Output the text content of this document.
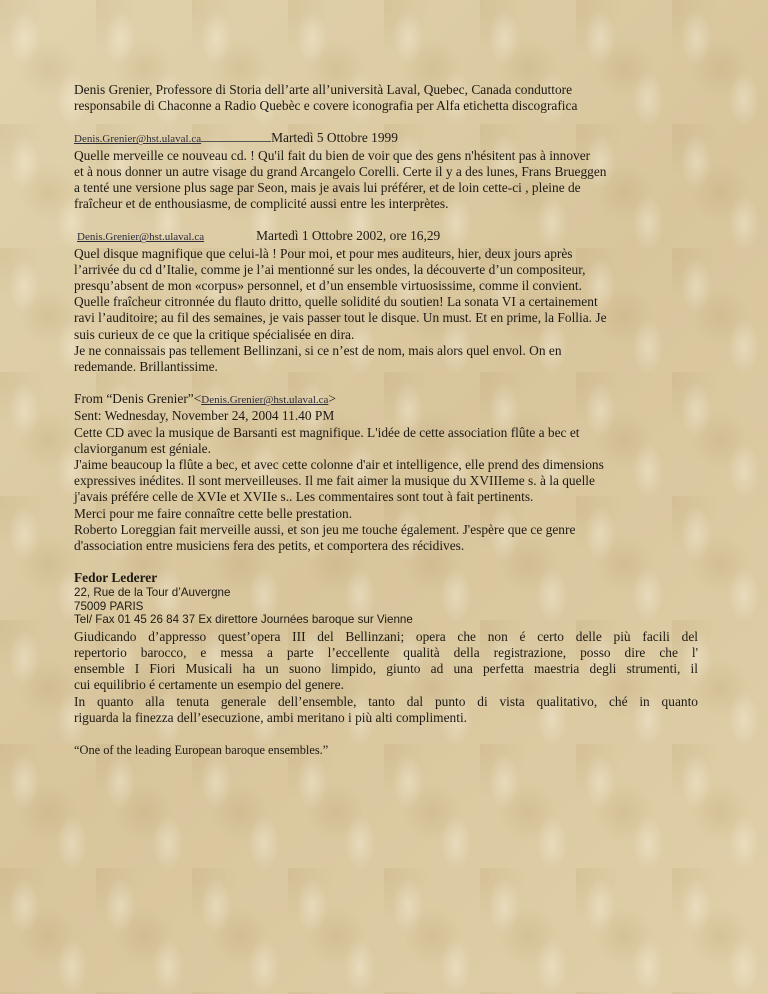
Denis Grenier, Professore di Storia dell’arte all’università Laval, Quebec, Canada conduttore

responsabile di Chaconne a Radio Quebèc e covere iconografia per Alfa etichetta discografica

Denis.Grenier@hst.ulaval.ca	Martedì 5 Ottobre 1999

Quelle merveille ce nouveau cd. ! Qu'il fait du bien de voir que des gens n'hésitent pas à innover

et à nous donner un autre visage du grand Arcangelo Corelli. Certe il y a des lunes, Frans Brueggen

a tenté une versione plus sage par Seon, mais je avais lui préférer, et de loin cette-ci , pleine de

fraîcheur et de enthousiasme, de complicité aussi entre les interprètes.

Denis.Grenier@hst.ulaval.ca	Martedì 1 Ottobre 2002, ore 16,29

Quel disque magnifique que celui-là ! Pour moi, et pour mes auditeurs, hier, deux jours après

l’arrivée du cd d’Italie, comme je l’ai mentionné sur les ondes, la découverte d’un compositeur,

presqu’absent de mon «corpus» personnel, et d’un ensemble virtuosissime, comme il convient.

Quelle fraîcheur citronnée du flauto dritto, quelle solidité du soutien! La sonata VI a certainement

ravi l’auditoire; au fil des semaines, je vais passer tout le disque. Un must. Et en prime, la Follia. Je

suis curieux de ce que la critique spécialisée en dira.

Je ne connaissais pas tellement Bellinzani, si ce n’est de nom, mais alors quel envol. On en

redemande. Brillantissime.

From “Denis Grenier”<Denis.Grenier@hst.ulaval.ca>

Sent: Wednesday, November 24, 2004 11.40 PM

Cette CD avec la musique de Barsanti est magnifique. L'idée de cette association flûte a bec et

claviorganum est géniale.

J'aime beaucoup la flûte a bec, et avec cette colonne d'air et intelligence, elle prend des dimensions

expressives inédites. Il sont merveilleuses. Il me fait aimer la musique du XVIIIeme s. à la quelle

j'avais préfére celle de XVIe et XVIIe s.. Les commentaires sont tout à fait pertinents.

Merci pour me faire connaître cette belle prestation.

Roberto Loreggian fait merveille aussi, et son jeu me touche également. J'espère que ce genre

d'association entre musiciens fera des petits, et comportera des récidives.

Fedor Lederer

22, Rue de la Tour d’Auvergne

75009 PARIS

Tel/ Fax 01 45 26 84 37 Ex direttore Journées baroque sur Vienne

Giudicando d’appresso quest’opera III del Bellinzani; opera che non é certo delle più facili del

repertorio barocco, e messa a parte l’eccellente qualità della registrazione, posso dire che l'

ensemble I Fiori Musicali ha un suono limpido, giunto ad una perfetta maestria degli strumenti, il

cui equilibrio é certamente un esempio del genere.

In quanto alla tenuta generale dell’ensemble, tanto dal punto di vista qualitativo, ché in quanto

riguarda la finezza dell’esecuzione, ambi meritano i più alti complimenti.

“One of the leading European baroque ensembles.”
